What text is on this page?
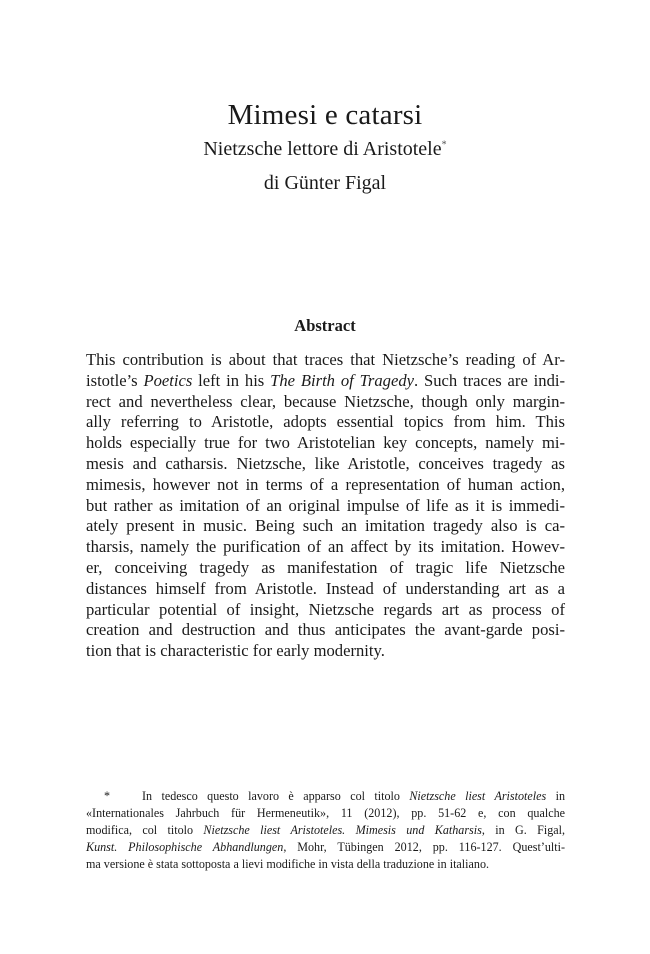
Mimesi e catarsi
Nietzsche lettore di Aristotele*
di Günter Figal
Abstract
This contribution is about that traces that Nietzsche’s reading of Ar-
istotle’s Poetics left in his The Birth of Tragedy. Such traces are indi-
rect and nevertheless clear, because Nietzsche, though only margin-
ally referring to Aristotle, adopts essential topics from him. This
holds especially true for two Aristotelian key concepts, namely mi-
mesis and catharsis. Nietzsche, like Aristotle, conceives tragedy as
mimesis, however not in terms of a representation of human action,
but rather as imitation of an original impulse of life as it is immedi-
ately present in music. Being such an imitation tragedy also is ca-
tharsis, namely the purification of an affect by its imitation. Howev-
er, conceiving tragedy as manifestation of tragic life Nietzsche
distances himself from Aristotle. Instead of understanding art as a
particular potential of insight, Nietzsche regards art as process of
creation and destruction and thus anticipates the avant-garde posi-
tion that is characteristic for early modernity.
*	In tedesco questo lavoro è apparso col titolo Nietzsche liest Aristoteles in
«Internationales Jahrbuch für Hermeneutik», 11 (2012), pp. 51-62 e, con qualche
modifica, col titolo Nietzsche liest Aristoteles. Mimesis und Katharsis, in G. Figal,
Kunst. Philosophische Abhandlungen, Mohr, Tübingen 2012, pp. 116-127. Quest’ulti-
ma versione è stata sottoposta a lievi modifiche in vista della traduzione in italiano.
